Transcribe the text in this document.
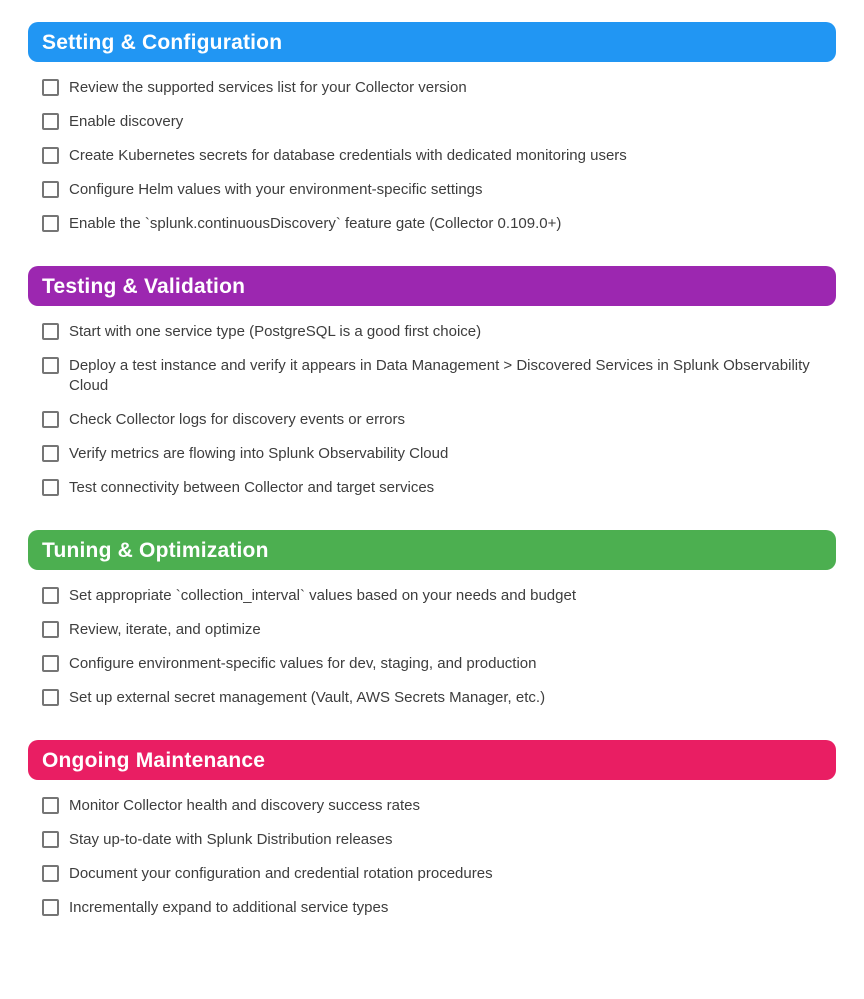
Setting & Configuration
Review the supported services list for your Collector version
Enable discovery
Create Kubernetes secrets for database credentials with dedicated monitoring users
Configure Helm values with your environment-specific settings
Enable the `splunk.continuousDiscovery` feature gate (Collector 0.109.0+)
Testing & Validation
Start with one service type (PostgreSQL is a good first choice)
Deploy a test instance and verify it appears in Data Management > Discovered Services in Splunk Observability Cloud
Check Collector logs for discovery events or errors
Verify metrics are flowing into Splunk Observability Cloud
Test connectivity between Collector and target services
Tuning & Optimization
Set appropriate `collection_interval` values based on your needs and budget
Review, iterate, and optimize
Configure environment-specific values for dev, staging, and production
Set up external secret management (Vault, AWS Secrets Manager, etc.)
Ongoing Maintenance
Monitor Collector health and discovery success rates
Stay up-to-date with Splunk Distribution releases
Document your configuration and credential rotation procedures
Incrementally expand to additional service types
